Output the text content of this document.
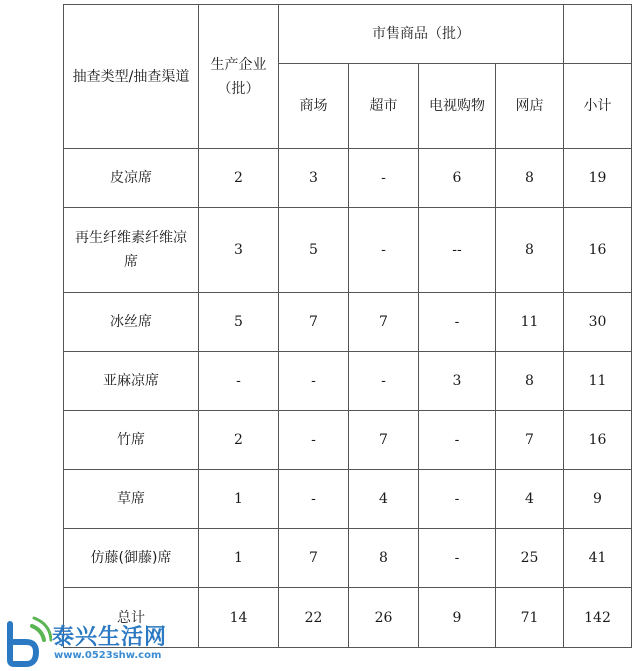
抽查类型/抽查渠道	生产企业（批）	市售商品（批）				
		商场	超市	电视购物	网店	小计
皮凉席	2	3	-	6	8	19
再生纤维素纤维凉席	3	5	-	--	8	16
冰丝席	5	7	7	-	11	30
亚麻凉席	-	-	-	3	8	11
竹席	2	-	7	-	7	16
草席	1	-	4	-	4	9
仿藤(御藤)席	1	7	8	-	25	41
总计	14	22	26	9	71	142
泰兴生活网
www.0523shw.com
